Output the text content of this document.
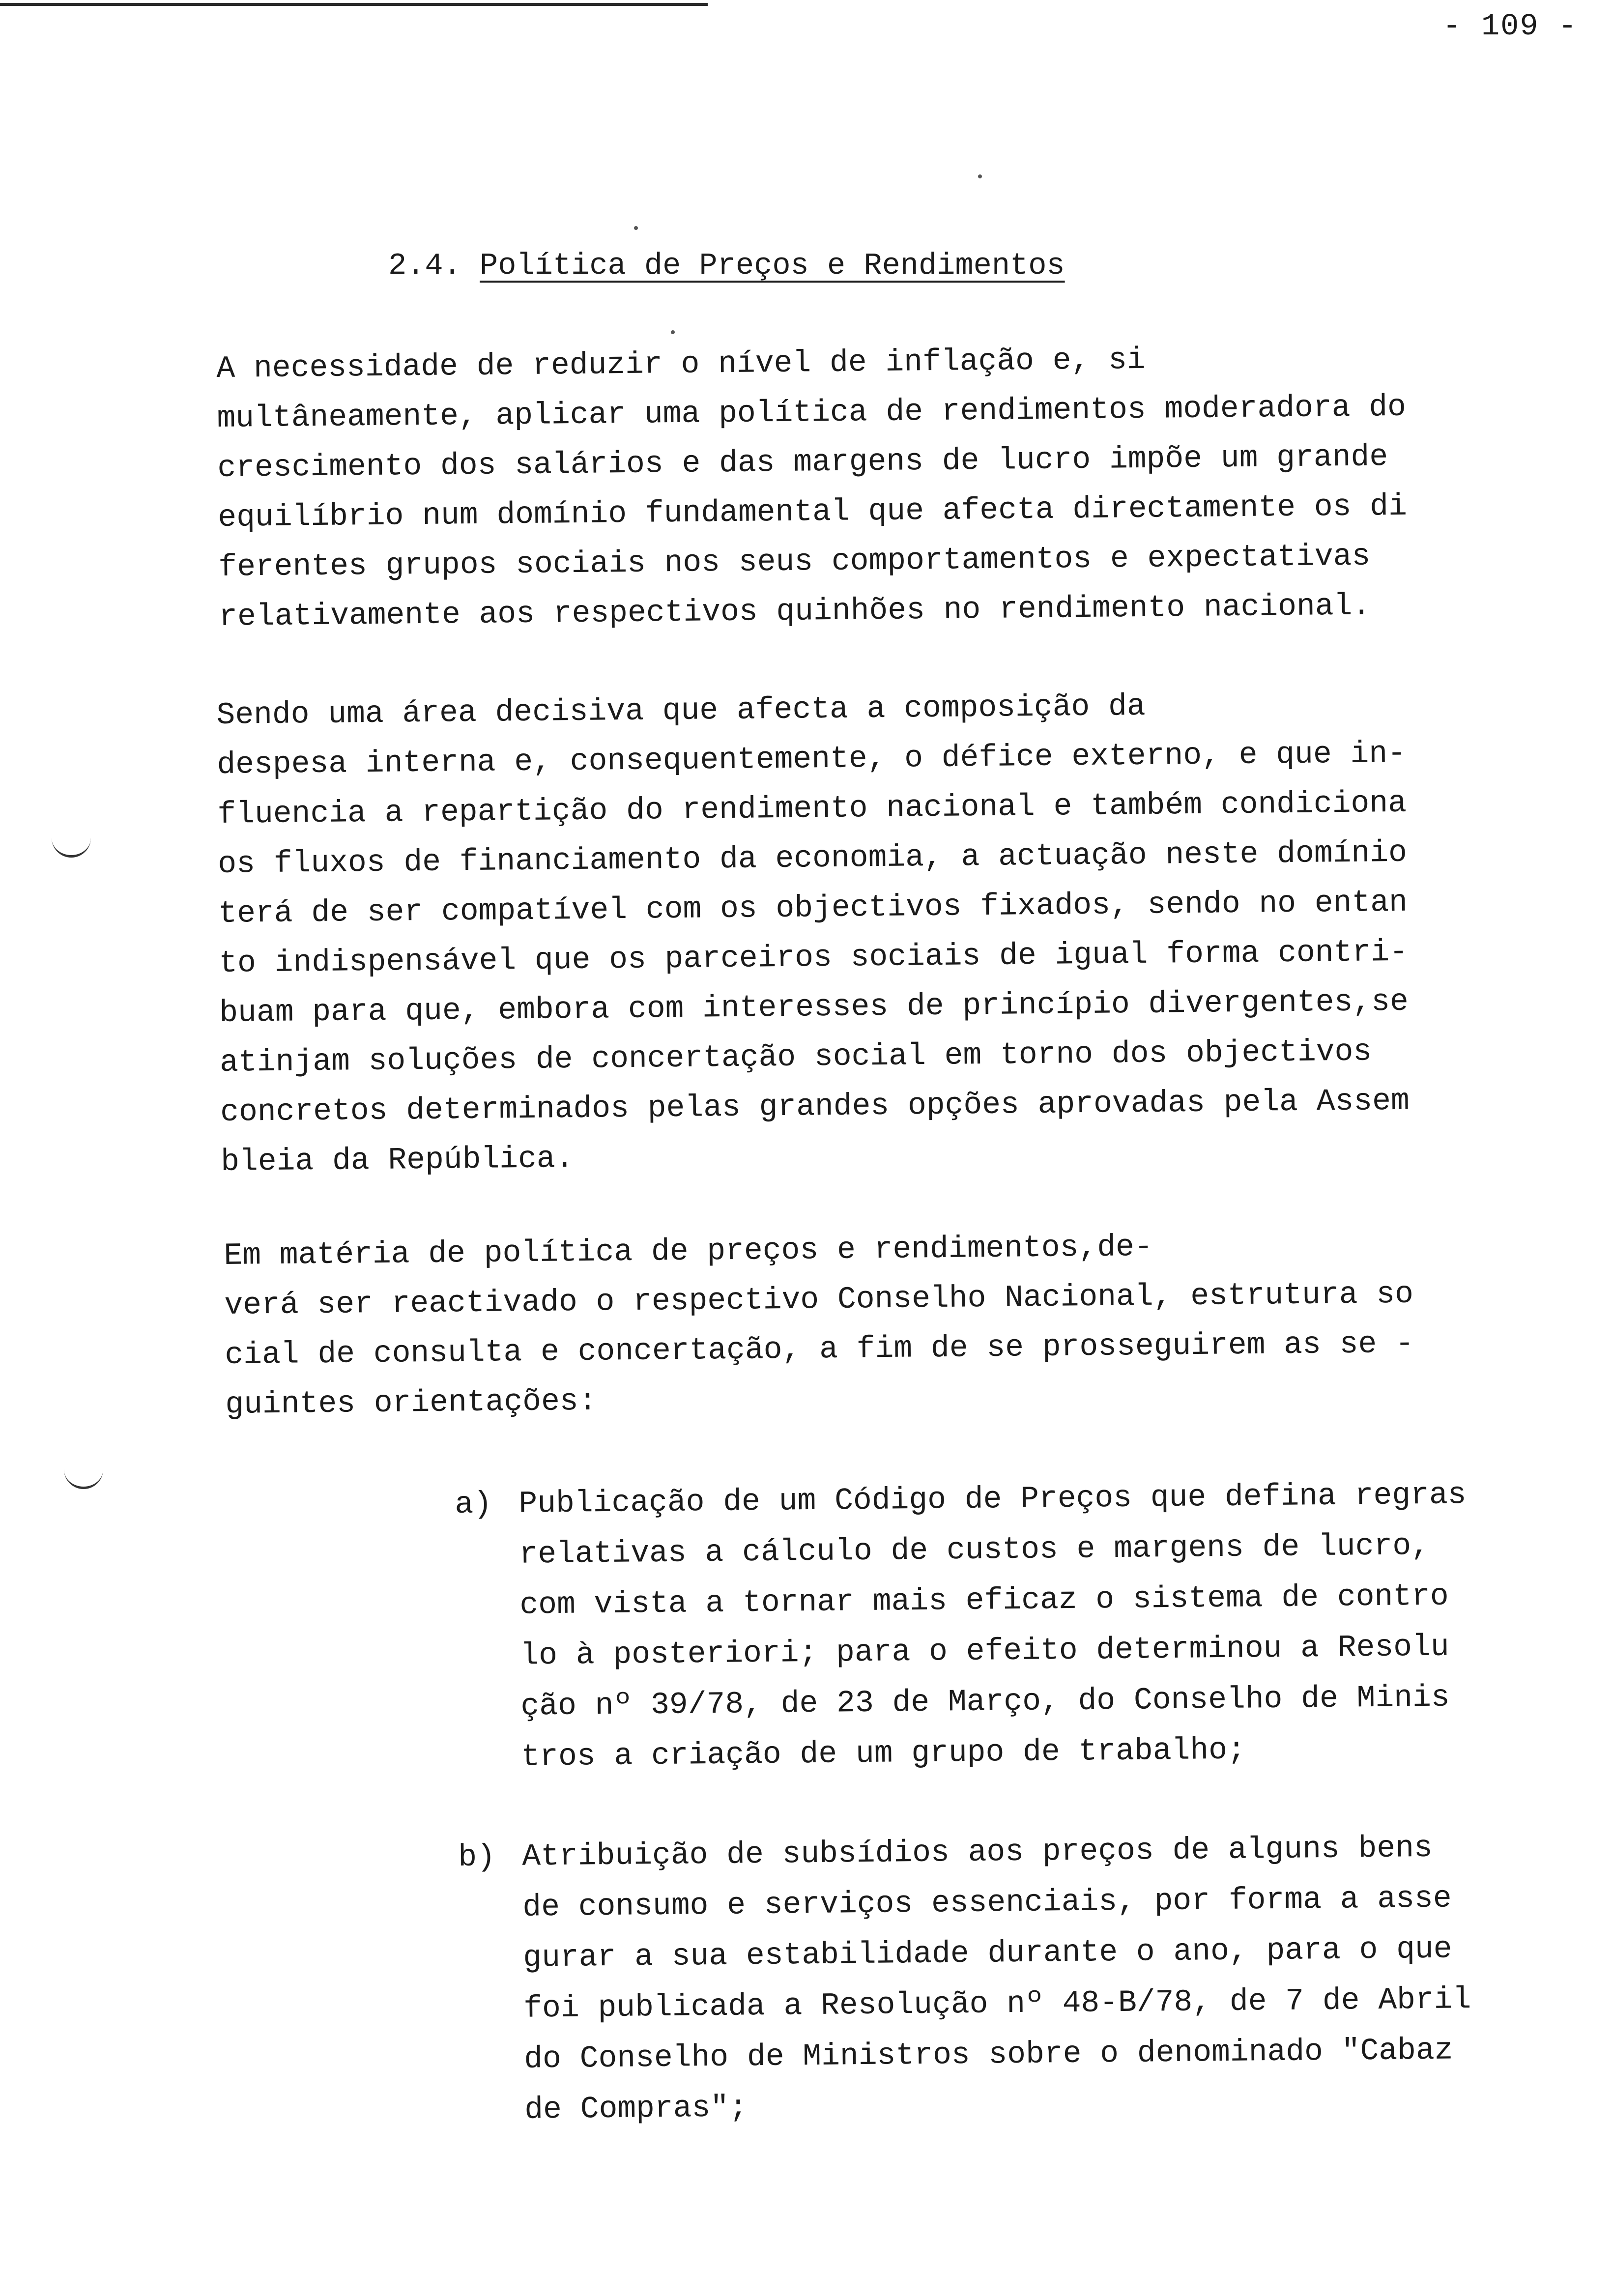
- 109 -
2.4. Política de Preços e Rendimentos
A necessidade de reduzir o nível de inflação e, si
multâneamente, aplicar uma política de rendimentos moderadora do
crescimento dos salários e das margens de lucro impõe um grande
equilíbrio num domínio fundamental que afecta directamente os di
ferentes grupos sociais nos seus comportamentos e expectativas
relativamente aos respectivos quinhões no rendimento nacional.
Sendo uma área decisiva que afecta a composição da
despesa interna e, consequentemente, o défice externo, e que in-
fluencia a repartição do rendimento nacional e também condiciona
os fluxos de financiamento da economia, a actuação neste domínio
terá de ser compatível com os objectivos fixados, sendo no entan
to indispensável que os parceiros sociais de igual forma contri-
buam para que, embora com interesses de princípio divergentes,se
atinjam soluções de concertação social em torno dos objectivos
concretos determinados pelas grandes opções aprovadas pela Assem
bleia da República.
Em matéria de política de preços e rendimentos,de-
verá ser reactivado o respectivo Conselho Nacional, estrutura so
cial de consulta e concertação, a fim de se prosseguirem as se -
guintes orientações:
a) Publicação de um Código de Preços que defina regras
relativas a cálculo de custos e margens de lucro,
com vista a tornar mais eficaz o sistema de contro
lo à posteriori; para o efeito determinou a Resolu
ção nº 39/78, de 23 de Março, do Conselho de Minis
tros a criação de um grupo de trabalho;
b) Atribuição de subsídios aos preços de alguns bens
de consumo e serviços essenciais, por forma a asse
gurar a sua estabilidade durante o ano, para o que
foi publicada a Resolução nº 48-B/78, de 7 de Abril
do Conselho de Ministros sobre o denominado "Cabaz
de Compras";
